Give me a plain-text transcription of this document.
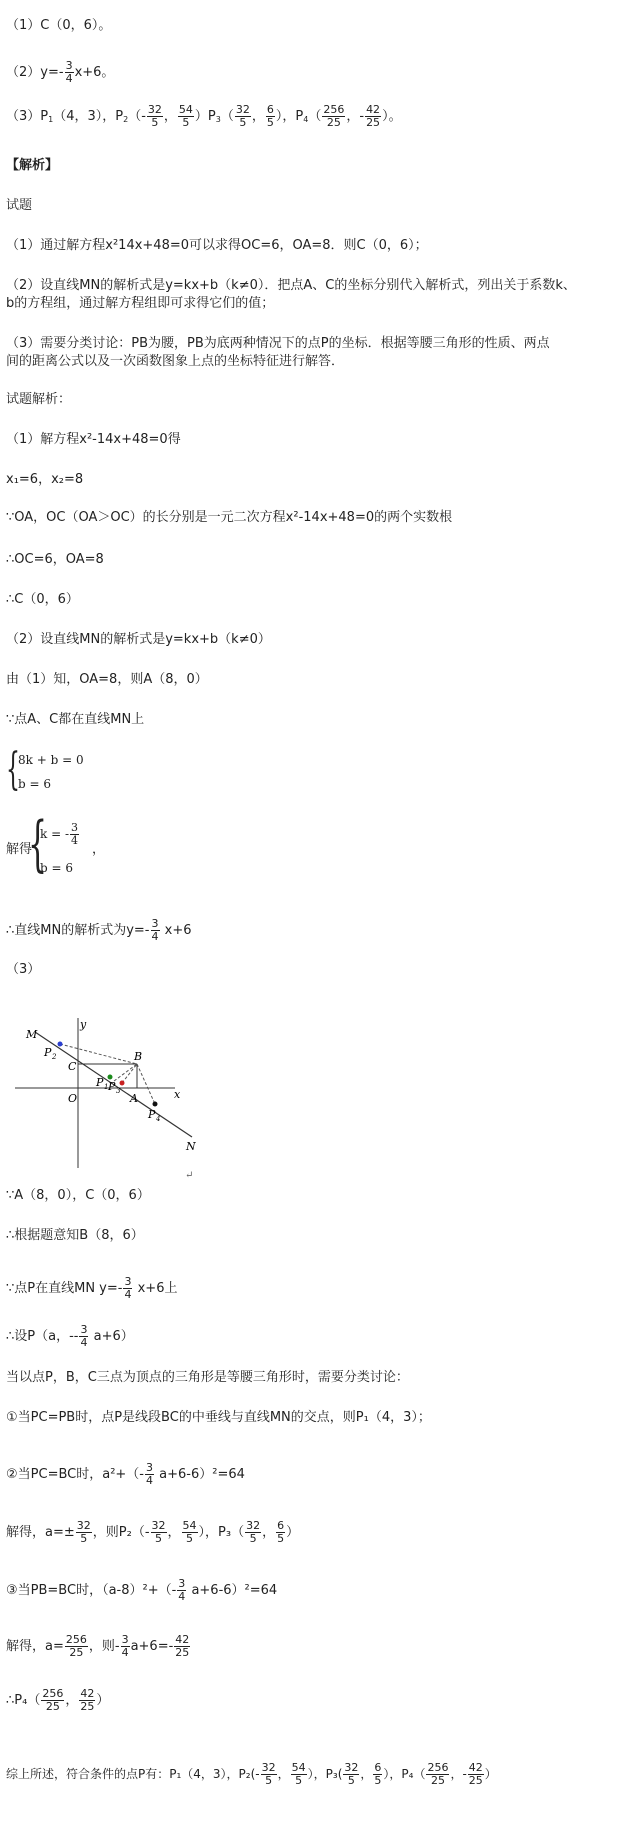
（1）C（0，6）。
$(2)y=- \frac{3}{4} x+6$。
$(3)P_1(4$，3），$P_2(- \frac{32}{5}$ ， $\frac{54}{5} )P_3( \frac{32}{5}$ ， $\frac{6}{5}$ ），$P_4( \frac{256}{25}$ ，- $\frac{42}{25}$ ）。
【解析】
试题
（1）通过解方程x²14x+48=0可以求得OC=6，OA=8．则C（0，6）；
（2）设直线MN的解析式是y=kx+b（k≠0）．把点A、C的坐标分别代入解析式，列出关于系数k、
b的方程组，通过解方程组即可求得它们的值；
（3）需要分类讨论：PB为腰，PB为底两种情况下的点P的坐标．根据等腰三角形的性质、两点
间的距离公式以及一次函数图象上点的坐标特征进行解答．
试题解析：
（1）解方程x²-14x+48=0得
x₁=6，x₂=8
∵OA，OC（OA＞OC）的长分别是一元二次方程x²-14x+48=0的两个实数根
∴OC=6，OA=8
∴C（0，6）
（2）设直线MN的解析式是y=kx+b（k≠0）
由（1）知，OA=8，则A（8，0）
∵点A、C都在直线MN上
{
8k + b = 0
b = 6
解得
{
k = - $\frac{3}{4}$
b = 6
，
∴直线MN的解析式为$y=- \frac{3}{4} x+6$
（3）
M
y
P 2
C
B
P 1 P 3
O	A	x
P 4
N
↵
∵A（8，0），C（0，6）
∴根据题意知B（8，6）
∵点P在直线MN $y=- \frac{3}{4} x+6$上
∴设P（a，-- $\frac{3}{4} a+6$）
当以点P，B，C三点为顶点的三角形是等腰三角形时，需要分类讨论：
①当PC=PB时，点P是线段BC的中垂线与直线MN的交点，则P₁（4，3）；
②当PC=BC时，$a^2+(- \frac{3}{4} a+6-6)^2=64$
解得，$a=\pm \frac{32}{5}$ ，则$P_2(- \frac{32}{5}$ ， $\frac{54}{5}$ ），$P_3( \frac{32}{5}$ ， $\frac{6}{5}$ ）
③当PB=BC时，$(a-8)^2+(- \frac{3}{4} a+6-6)^2=64$
解得，$a= \frac{256}{25}$ ，则- $\frac{3}{4} a+6=- \frac{42}{25}$
∴P₄（ $\frac{256}{25}$ ， $\frac{42}{25}$ ）
综上所述，符合条件的点P有：P₁（4，3），$P_2(- \frac{32}{5}$ ， $\frac{54}{5}$ ），$P_3( \frac{32}{5}$ ， $\frac{6}{5}$ ），$P_4( \frac{256}{25}$ ，- $\frac{42}{25}$ ）
